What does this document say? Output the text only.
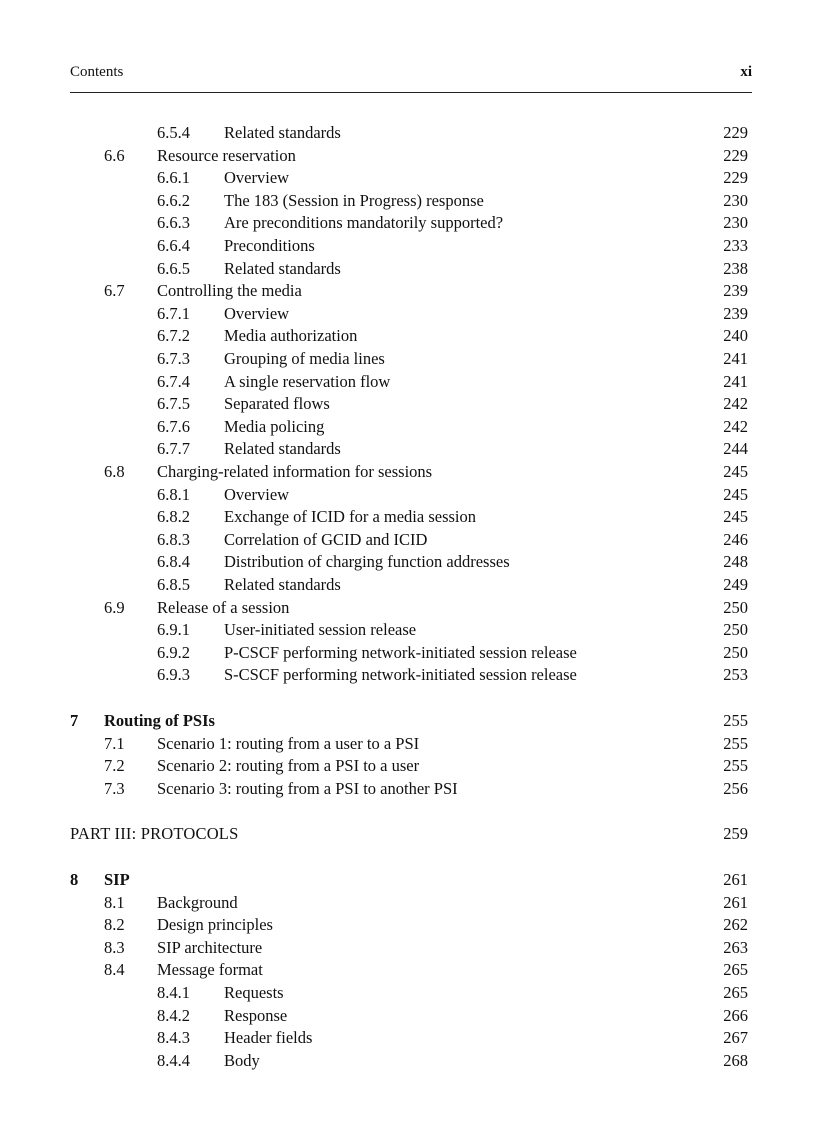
Contents	xi
6.5.4 Related standards	229
6.6 Resource reservation	229
6.6.1 Overview	229
6.6.2 The 183 (Session in Progress) response	230
6.6.3 Are preconditions mandatorily supported?	230
6.6.4 Preconditions	233
6.6.5 Related standards	238
6.7 Controlling the media	239
6.7.1 Overview	239
6.7.2 Media authorization	240
6.7.3 Grouping of media lines	241
6.7.4 A single reservation flow	241
6.7.5 Separated flows	242
6.7.6 Media policing	242
6.7.7 Related standards	244
6.8 Charging-related information for sessions	245
6.8.1 Overview	245
6.8.2 Exchange of ICID for a media session	245
6.8.3 Correlation of GCID and ICID	246
6.8.4 Distribution of charging function addresses	248
6.8.5 Related standards	249
6.9 Release of a session	250
6.9.1 User-initiated session release	250
6.9.2 P-CSCF performing network-initiated session release	250
6.9.3 S-CSCF performing network-initiated session release	253
7 Routing of PSIs	255
7.1 Scenario 1: routing from a user to a PSI	255
7.2 Scenario 2: routing from a PSI to a user	255
7.3 Scenario 3: routing from a PSI to another PSI	256
PART III: PROTOCOLS	259
8 SIP	261
8.1 Background	261
8.2 Design principles	262
8.3 SIP architecture	263
8.4 Message format	265
8.4.1 Requests	265
8.4.2 Response	266
8.4.3 Header fields	267
8.4.4 Body	268
